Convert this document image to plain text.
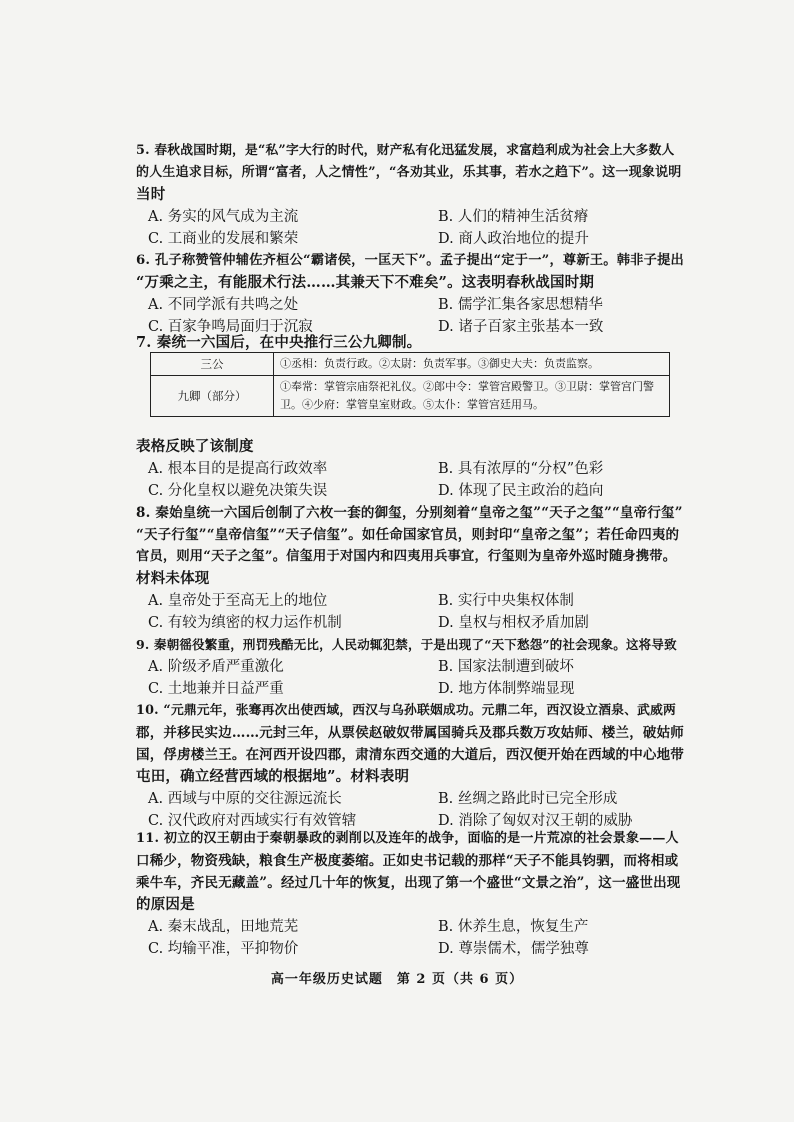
5. 春秋战国时期，是“私”字大行的时代，财产私有化迅猛发展，求富趋利成为社会上大多数人
的人生追求目标，所谓“富者，人之情性”，“各劝其业，乐其事，若水之趋下”。这一现象说明
当时
A. 务实的风气成为主流	B. 人们的精神生活贫瘠
C. 工商业的发展和繁荣	D. 商人政治地位的提升
6. 孔子称赞管仲辅佐齐桓公“霸诸侯，一匡天下”。孟子提出“定于一”，尊新王。韩非子提出
“万乘之主，有能服术行法……其兼天下不难矣”。这表明春秋战国时期
A. 不同学派有共鸣之处	B. 儒学汇集各家思想精华
C. 百家争鸣局面归于沉寂	D. 诸子百家主张基本一致
7. 秦统一六国后，在中央推行三公九卿制。
三公	①丞相：负责行政。②太尉：负责军事。③御史大夫：负责监察。
九卿（部分）	①奉常：掌管宗庙祭祀礼仪。②郎中令：掌管宫殿警卫。③卫尉：掌管宫门警
卫。④少府：掌管皇室财政。⑤太仆：掌管宫廷用马。
表格反映了该制度
A. 根本目的是提高行政效率	B. 具有浓厚的“分权”色彩
C. 分化皇权以避免决策失误	D. 体现了民主政治的趋向
8. 秦始皇统一六国后创制了六枚一套的御玺，分别刻着“皇帝之玺”“天子之玺”“皇帝行玺”
“天子行玺”“皇帝信玺”“天子信玺”。如任命国家官员，则封印“皇帝之玺”；若任命四夷的
官员，则用“天子之玺”。信玺用于对国内和四夷用兵事宜，行玺则为皇帝外巡时随身携带。
材料未体现
A. 皇帝处于至高无上的地位	B. 实行中央集权体制
C. 有较为缜密的权力运作机制	D. 皇权与相权矛盾加剧
9. 秦朝徭役繁重，刑罚残酷无比，人民动辄犯禁，于是出现了“天下愁怨”的社会现象。这将导致
A. 阶级矛盾严重激化	B. 国家法制遭到破坏
C. 土地兼并日益严重	D. 地方体制弊端显现
10. “元鼎元年，张骞再次出使西域，西汉与乌孙联姻成功。元鼎二年，西汉设立酒泉、武威两
郡，并移民实边……元封三年，从票侯赵破奴带属国骑兵及郡兵数万攻姑师、楼兰，破姑师
国，俘虏楼兰王。在河西开设四郡，肃清东西交通的大道后，西汉便开始在西域的中心地带
屯田，确立经营西域的根据地”。材料表明
A. 西域与中原的交往源远流长	B. 丝绸之路此时已完全形成
C. 汉代政府对西域实行有效管辖	D. 消除了匈奴对汉王朝的威胁
11. 初立的汉王朝由于秦朝暴政的剥削以及连年的战争，面临的是一片荒凉的社会景象——人
口稀少，物资残缺，粮食生产极度萎缩。正如史书记载的那样“天子不能具钧驷，而将相或
乘牛车，齐民无藏盖”。经过几十年的恢复，出现了第一个盛世“文景之治”，这一盛世出现
的原因是
A. 秦末战乱，田地荒芜	B. 休养生息，恢复生产
C. 均输平准，平抑物价	D. 尊崇儒术，儒学独尊
高一年级历史试题　第 2 页（共 6 页）
